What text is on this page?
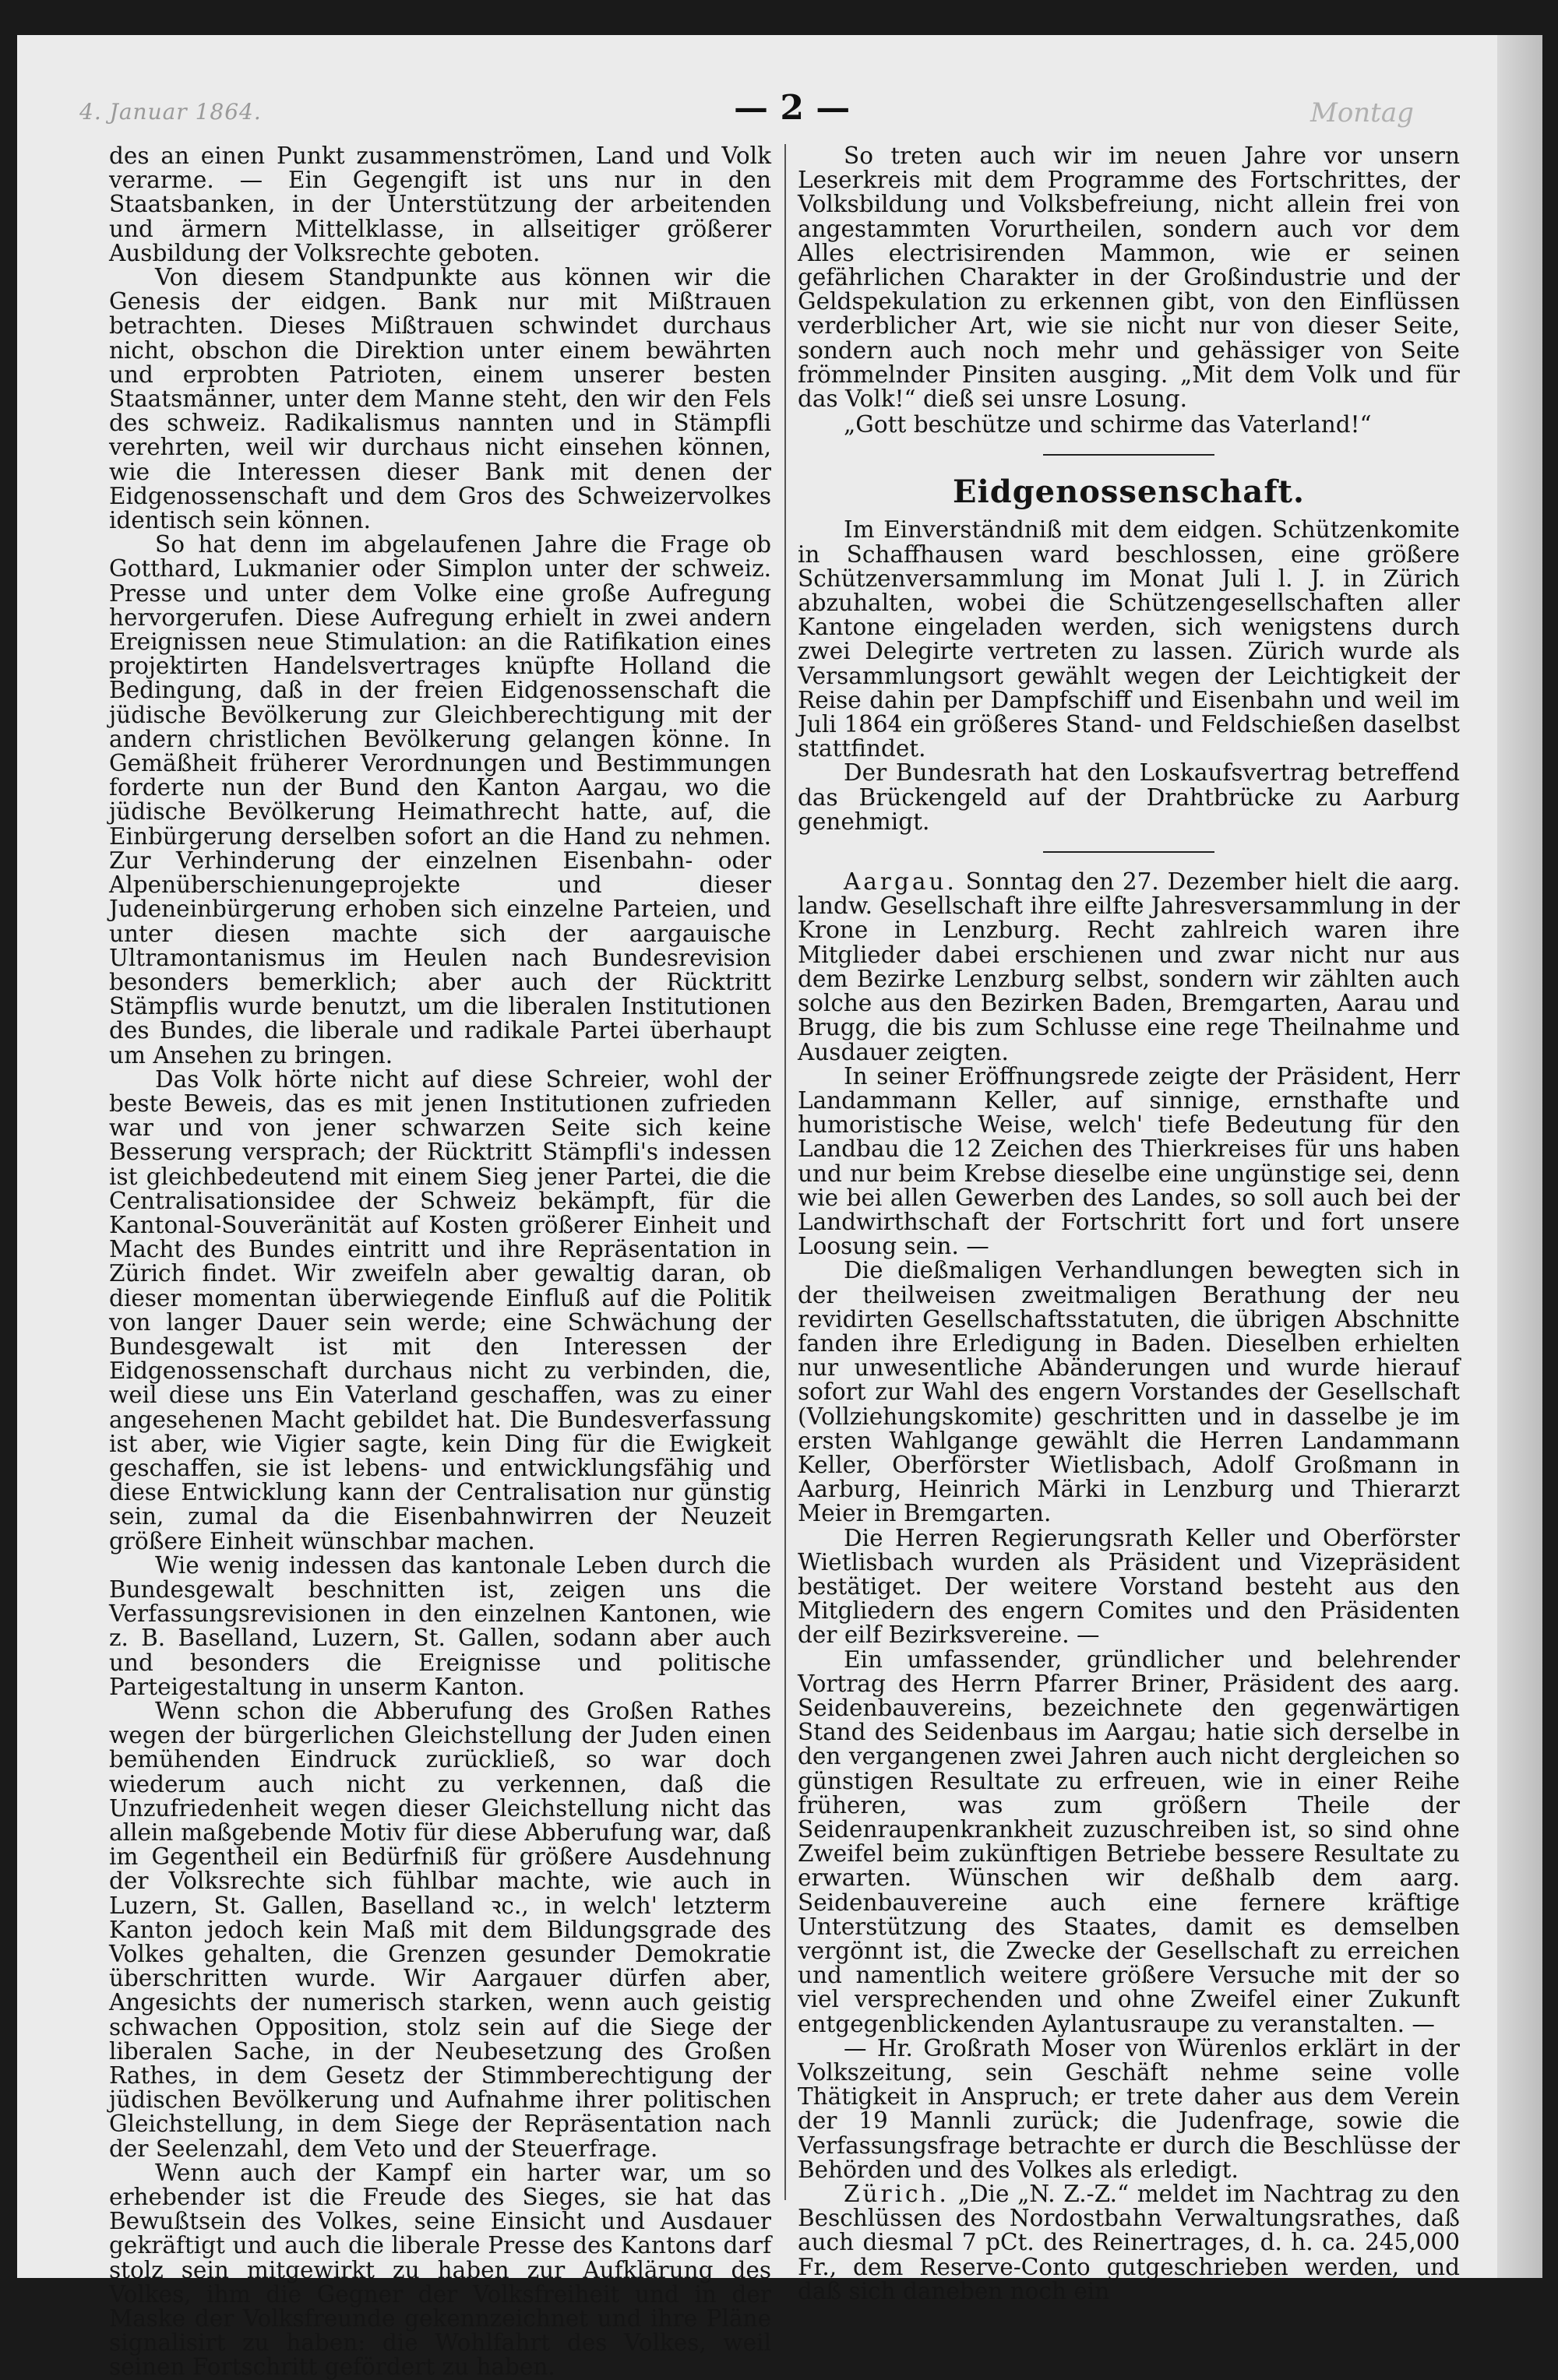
4. Januar 1864.	— 2 —	Montag

des an einen Punkt zusammenströmen, Land und Volk verarme. — Ein Gegengift ist uns nur in den Staatsbanken, in der Unterstützung der arbeitenden und ärmern Mittelklasse, in allseitiger größerer Ausbildung der Volksrechte geboten.

Von diesem Standpunkte aus können wir die Genesis der eidgen. Bank nur mit Mißtrauen betrachten. Dieses Mißtrauen schwindet durchaus nicht, obschon die Direktion unter einem bewährten und erprobten Patrioten, einem unserer besten Staatsmänner, unter dem Manne steht, den wir den Fels des schweiz. Radikalismus nannten und in Stämpfli verehrten, weil wir durchaus nicht einsehen können, wie die Interessen dieser Bank mit denen der Eidgenossenschaft und dem Gros des Schweizervolkes identisch sein können.

So hat denn im abgelaufenen Jahre die Frage ob Gotthard, Lukmanier oder Simplon unter der schweiz. Presse und unter dem Volke eine große Aufregung hervorgerufen. Diese Aufregung erhielt in zwei andern Ereignissen neue Stimulation: an die Ratifikation eines projektirten Handelsvertrages knüpfte Holland die Bedingung, daß in der freien Eidgenossenschaft die jüdische Bevölkerung zur Gleichberechtigung mit der andern christlichen Bevölkerung gelangen könne. In Gemäßheit früherer Verordnungen und Bestimmungen forderte nun der Bund den Kanton Aargau, wo die jüdische Bevölkerung Heimathrecht hatte, auf, die Einbürgerung derselben sofort an die Hand zu nehmen. Zur Verhinderung der einzelnen Eisenbahn- oder Alpenüberschienungeprojekte und dieser Judeneinbürgerung erhoben sich einzelne Parteien, und unter diesen machte sich der aargauische Ultramontanismus im Heulen nach Bundesrevision besonders bemerklich; aber auch der Rücktritt Stämpflis wurde benutzt, um die liberalen Institutionen des Bundes, die liberale und radikale Partei überhaupt um Ansehen zu bringen.

Das Volk hörte nicht auf diese Schreier, wohl der beste Beweis, das es mit jenen Institutionen zufrieden war und von jener schwarzen Seite sich keine Besserung versprach; der Rücktritt Stämpfli's indessen ist gleichbedeutend mit einem Sieg jener Partei, die die Centralisationsidee der Schweiz bekämpft, für die Kantonal-Souveränität auf Kosten größerer Einheit und Macht des Bundes eintritt und ihre Repräsentation in Zürich findet. Wir zweifeln aber gewaltig daran, ob dieser momentan überwiegende Einfluß auf die Politik von langer Dauer sein werde; eine Schwächung der Bundesgewalt ist mit den Interessen der Eidgenossenschaft durchaus nicht zu verbinden, die, weil diese uns Ein Vaterland geschaffen, was zu einer angesehenen Macht gebildet hat. Die Bundesverfassung ist aber, wie Vigier sagte, kein Ding für die Ewigkeit geschaffen, sie ist lebens- und entwicklungsfähig und diese Entwicklung kann der Centralisation nur günstig sein, zumal da die Eisenbahnwirren der Neuzeit größere Einheit wünschbar machen.

Wie wenig indessen das kantonale Leben durch die Bundesgewalt beschnitten ist, zeigen uns die Verfassungsrevisionen in den einzelnen Kantonen, wie z. B. Baselland, Luzern, St. Gallen, sodann aber auch und besonders die Ereignisse und politische Parteigestaltung in unserm Kanton.

Wenn schon die Abberufung des Großen Rathes wegen der bürgerlichen Gleichstellung der Juden einen bemühenden Eindruck zurückließ, so war doch wiederum auch nicht zu verkennen, daß die Unzufriedenheit wegen dieser Gleichstellung nicht das allein maßgebende Motiv für diese Abberufung war, daß im Gegentheil ein Bedürfniß für größere Ausdehnung der Volksrechte sich fühlbar machte, wie auch in Luzern, St. Gallen, Baselland ꝛc., in welch' letzterm Kanton jedoch kein Maß mit dem Bildungsgrade des Volkes gehalten, die Grenzen gesunder Demokratie überschritten wurde. Wir Aargauer dürfen aber, Angesichts der numerisch starken, wenn auch geistig schwachen Opposition, stolz sein auf die Siege der liberalen Sache, in der Neubesetzung des Großen Rathes, in dem Gesetz der Stimmberechtigung der jüdischen Bevölkerung und Aufnahme ihrer politischen Gleichstellung, in dem Siege der Repräsentation nach der Seelenzahl, dem Veto und der Steuerfrage.

Wenn auch der Kampf ein harter war, um so erhebender ist die Freude des Sieges, sie hat das Bewußtsein des Volkes, seine Einsicht und Ausdauer gekräftigt und auch die liberale Presse des Kantons darf stolz sein mitgewirkt zu haben zur Aufklärung des Volkes, ihm die Gegner der Volksfreiheit und in der Maske der Volksfreunde gekennzeichnet und ihre Pläne signalisirt zu haben: die Wohlfahrt des Volkes, weil seinen Fortschritt gefördert zu haben.

So treten auch wir im neuen Jahre vor unsern Leserkreis mit dem Programme des Fortschrittes, der Volksbildung und Volksbefreiung, nicht allein frei von angestammten Vorurtheilen, sondern auch vor dem Alles electrisirenden Mammon, wie er seinen gefährlichen Charakter in der Großindustrie und der Geldspekulation zu erkennen gibt, von den Einflüssen verderblicher Art, wie sie nicht nur von dieser Seite, sondern auch noch mehr und gehässiger von Seite frömmelnder Pinsiten ausging. „Mit dem Volk und für das Volk!“ dieß sei unsre Losung.

„Gott beschütze und schirme das Vaterland!“

Eidgenossenschaft.

Im Einverständniß mit dem eidgen. Schützenkomite in Schaffhausen ward beschlossen, eine größere Schützenversammlung im Monat Juli l. J. in Zürich abzuhalten, wobei die Schützengesellschaften aller Kantone eingeladen werden, sich wenigstens durch zwei Delegirte vertreten zu lassen. Zürich wurde als Versammlungsort gewählt wegen der Leichtigkeit der Reise dahin per Dampfschiff und Eisenbahn und weil im Juli 1864 ein größeres Stand- und Feldschießen daselbst stattfindet.

Der Bundesrath hat den Loskaufsvertrag betreffend das Brückengeld auf der Drahtbrücke zu Aarburg genehmigt.

Aargau. Sonntag den 27. Dezember hielt die aarg. landw. Gesellschaft ihre eilfte Jahresversammlung in der Krone in Lenzburg. Recht zahlreich waren ihre Mitglieder dabei erschienen und zwar nicht nur aus dem Bezirke Lenzburg selbst, sondern wir zählten auch solche aus den Bezirken Baden, Bremgarten, Aarau und Brugg, die bis zum Schlusse eine rege Theilnahme und Ausdauer zeigten.

In seiner Eröffnungsrede zeigte der Präsident, Herr Landammann Keller, auf sinnige, ernsthafte und humoristische Weise, welch' tiefe Bedeutung für den Landbau die 12 Zeichen des Thierkreises für uns haben und nur beim Krebse dieselbe eine ungünstige sei, denn wie bei allen Gewerben des Landes, so soll auch bei der Landwirthschaft der Fortschritt fort und fort unsere Loosung sein. —

Die dießmaligen Verhandlungen bewegten sich in der theilweisen zweitmaligen Berathung der neu revidirten Gesellschaftsstatuten, die übrigen Abschnitte fanden ihre Erledigung in Baden. Dieselben erhielten nur unwesentliche Abänderungen und wurde hierauf sofort zur Wahl des engern Vorstandes der Gesellschaft (Vollziehungskomite) geschritten und in dasselbe je im ersten Wahlgange gewählt die Herren Landammann Keller, Oberförster Wietlisbach, Adolf Großmann in Aarburg, Heinrich Märki in Lenzburg und Thierarzt Meier in Bremgarten.

Die Herren Regierungsrath Keller und Oberförster Wietlisbach wurden als Präsident und Vizepräsident bestätiget. Der weitere Vorstand besteht aus den Mitgliedern des engern Comites und den Präsidenten der eilf Bezirksvereine. —

Ein umfassender, gründlicher und belehrender Vortrag des Herrn Pfarrer Briner, Präsident des aarg. Seidenbauvereins, bezeichnete den gegenwärtigen Stand des Seidenbaus im Aargau; hatie sich derselbe in den vergangenen zwei Jahren auch nicht dergleichen so günstigen Resultate zu erfreuen, wie in einer Reihe früheren, was zum größern Theile der Seidenraupenkrankheit zuzuschreiben ist, so sind ohne Zweifel beim zukünftigen Betriebe bessere Resultate zu erwarten. Wünschen wir deßhalb dem aarg. Seidenbauvereine auch eine fernere kräftige Unterstützung des Staates, damit es demselben vergönnt ist, die Zwecke der Gesellschaft zu erreichen und namentlich weitere größere Versuche mit der so viel versprechenden und ohne Zweifel einer Zukunft entgegenblickenden Aylantusraupe zu veranstalten. —

— Hr. Großrath Moser von Würenlos erklärt in der Volkszeitung, sein Geschäft nehme seine volle Thätigkeit in Anspruch; er trete daher aus dem Verein der 19 Mannli zurück; die Judenfrage, sowie die Verfassungsfrage betrachte er durch die Beschlüsse der Behörden und des Volkes als erledigt.

Zürich. „Die „N. Z.-Z.“ meldet im Nachtrag zu den Beschlüssen des Nordostbahn Verwaltungsrathes, daß auch diesmal 7 pCt. des Reinertrages, d. h. ca. 245,000 Fr., dem Reserve-Conto gutgeschrieben werden, und daß sich daneben noch ein
